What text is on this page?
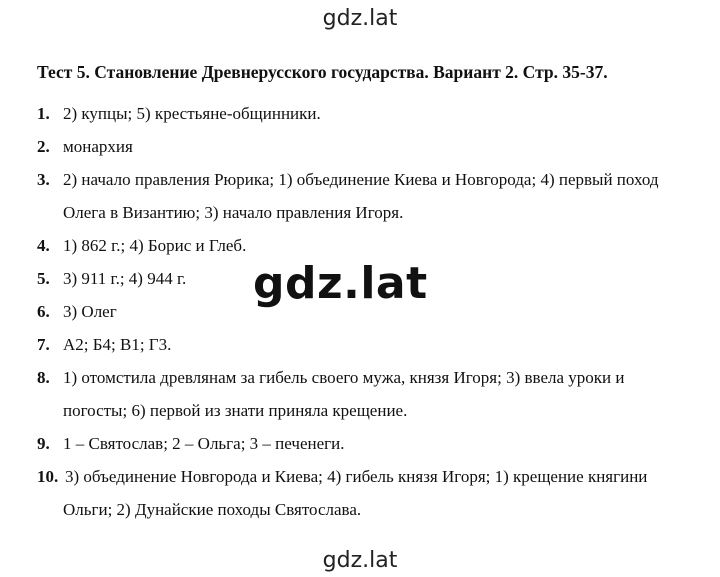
gdz.lat
Тест 5. Становление Древнерусского государства. Вариант 2. Стр. 35-37.
1. 2) купцы; 5) крестьяне-общинники.
2. монархия
3. 2) начало правления Рюрика; 1) объединение Киева и Новгорода; 4) первый поход Олега в Византию; 3) начало правления Игоря.
4. 1) 862 г.; 4) Борис и Глеб.
5. 3) 911 г.; 4) 944 г.
6. 3) Олег
7. А2; Б4; В1; Г3.
8. 1) отомстила древлянам за гибель своего мужа, князя Игоря; 3) ввела уроки и погосты; 6) первой из знати приняла крещение.
9. 1 – Святослав; 2 – Ольга; 3 – печенеги.
10. 3) объединение Новгорода и Киева; 4) гибель князя Игоря; 1) крещение княгини Ольги; 2) Дунайские походы Святослава.
gdz.lat
gdz.lat
